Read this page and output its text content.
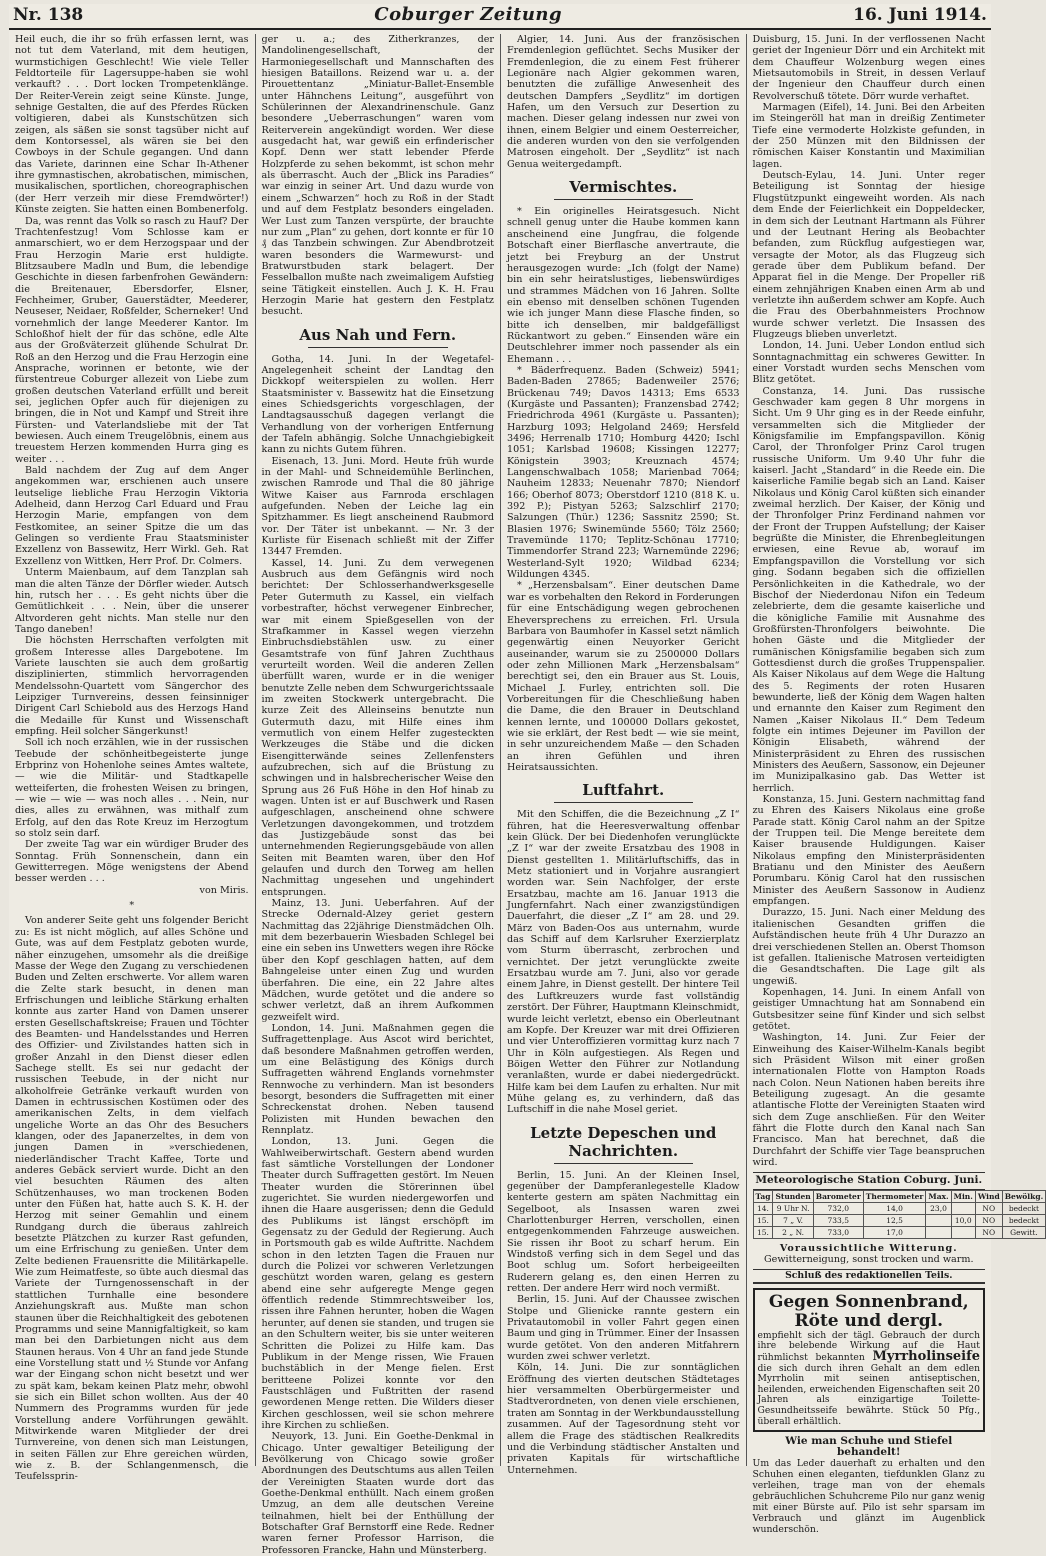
Nr. 138	Coburger Zeitung	16. Juni 1914.

Heil euch, die ihr so früh erfassen lernt, was not tut dem Vaterland, mit dem heutigen, wurmstichigen Geschlecht! Wie viele Teller Feldtorteile für Lagersuppe-haben sie wohl verkauft? . . . Dort locken Trompetenklänge. Der Reiter-Verein zeigt seine Künste. Junge, sehnige Gestalten, die auf des Pferdes Rücken voltigieren, dabei als Kunstschützen sich zeigen, als säßen sie sonst tagsüber nicht auf dem Kontorsessel, als wären sie bei den Cowboys in der Schule gegangen. Und dann das Variete, darinnen eine Schar Ih-Athener ihre gymnastischen, akrobatischen, mimischen, musikalischen, sportlichen, choreographischen (der Herr verzeih mir diese Fremdwörter!) Künste zeigten. Sie hatten einen Bombenerfolg.

Da, was rennt das Volk so rasch zu Hauf? Der Trachtenfestzug! Vom Schlosse kam er anmarschiert, wo er dem Herzogspaar und der Frau Herzogin Marie erst huldigte. Blitzsaubere Madln und Bum, die lebendige Geschichte in diesen farbenfrohen Gewändern: die Breitenauer, Ebersdorfer, Elsner, Fechheimer, Gruber, Gauerstädter, Meederer, Neuseser, Neidaer, Roßfelder, Scherneker! Und vornehmlich der lange Meederer Kantor. Im Schloßhof hielt der für das schöne, edle Alte aus der Großväterzeit glühende Schulrat Dr. Roß an den Herzog und die Frau Herzogin eine Ansprache, worinnen er betonte, wie der fürstentreue Coburger allezeit von Liebe zum großen deutschen Vaterland erfüllt und bereit sei, jeglichen Opfer auch für diejenigen zu bringen, die in Not und Kampf und Streit ihre Fürsten- und Vaterlandsliebe mit der Tat bewiesen. Auch einem Treugelöbnis, einem aus treuestem Herzen kommenden Hurra ging es weiter . . .

Bald nachdem der Zug auf dem Anger angekommen war, erschienen auch unsere leutselige liebliche Frau Herzogin Viktoria Adelheid, dann Herzog Carl Eduard und Frau Herzogin Marie, empfangen von dem Festkomitee, an seiner Spitze die um das Gelingen so verdiente Frau Staatsminister Exzellenz von Bassewitz, Herr Wirkl. Geh. Rat Exzellenz von Wittken, Herr Prof. Dr. Colmers.

Unterm Maienbaum, auf dem Tanzplan sah man die alten Tänze der Dörfler wieder. Autsch hin, rutsch her . . . Es geht nichts über die Gemütlichkeit . . . Nein, über die unserer Altvorderen geht nichts. Man stelle nur den Tango daneben!

Die höchsten Herrschaften verfolgten mit großem Interesse alles Dargebotene. Im Variete lauschten sie auch dem großartig disziplinierten, stimmlich hervorragenden Mendelssohn-Quartett vom Sängerchor des Leipziger Turnvereins, dessen feinsinniger Dirigent Carl Schiebold aus des Herzogs Hand die Medaille für Kunst und Wissenschaft empfing. Heil solcher Sängerkunst!

Soll ich noch erzählen, wie in der russischen Teebude der schönheitbegeisterte junge Erbprinz von Hohenlohe seines Amtes waltete, — wie die Militär- und Stadtkapelle wetteiferten, die frohesten Weisen zu bringen, — wie — wie — was noch alles . . . Nein, nur dies, alles zu erwähnen, was mithalf zum Erfolg, auf den das Rote Kreuz im Herzogtum so stolz sein darf.

Der zweite Tag war ein würdiger Bruder des Sonntag. Früh Sonnenschein, dann ein Gewitterregen. Möge wenigstens der Abend besser werden . . .

von Miris.

*

Von anderer Seite geht uns folgender Bericht zu: Es ist nicht möglich, auf alles Schöne und Gute, was auf dem Festplatz geboten wurde, näher einzugehen, umsomehr als die dreißige Masse der Wege den Zugang zu verschiedenen Buden und Zelten erschwerte. Vor allem waren die Zelte stark besucht, in denen man Erfrischungen und leibliche Stärkung erhalten konnte aus zarter Hand von Damen unserer ersten Gesellschaftskreise; Frauen und Töchter des Beamten- und Handelsstandes und Herren des Offizier- und Zivilstandes hatten sich in großer Anzahl in den Dienst dieser edlen Sachege stellt. Es sei nur gedacht der russischen Teebude, in der nicht nur alkoholfreie Getränke verkauft wurden von Damen in echtrussischen Kostümen oder des amerikanischen Zelts, in dem vielfach ungeliche Worte an das Ohr des Besuchers klangen, oder des Japanerzeltes, in dem von jungen Damen in »verschiedenen, niederländischer Tracht Kaffee, Torte und anderes Gebäck serviert wurde. Dicht an den viel besuchten Räumen des alten Schützenhauses, wo man trockenen Boden unter den Füßen hat, hatte auch S. K. H. der Herzog mit seiner Gemahlin und einem Rundgang durch die überaus zahlreich besetzte Plätzchen zu kurzer Rast gefunden, um eine Erfrischung zu genießen. Unter dem Zelte bedienen Frauensritte die Militärkapelle. Wie zum Heimatfeste, so übte auch diesmal das Variete der Turngenossenschaft in der stattlichen Turnhalle eine besondere Anziehungskraft aus. Mußte man schon staunen über die Reichhaltigkeit des gebotenen Programms und seine Mannigfaltigkeit, so kam man bei den Darbietungen nicht aus dem Staunen heraus. Von 4 Uhr an fand jede Stunde eine Vorstellung statt und ½ Stunde vor Anfang war der Eingang schon nicht besetzt und wer zu spät kam, bekam keinen Platz mehr, obwohl sie sich ein Billet schon wollten. Aus der 40 Nummern des Programms wurden für jede Vorstellung andere Vorführungen gewählt. Mitwirkende waren Mitglieder der drei Turnvereine, von denen sich man Leistungen, in seiten Fällen zur Ehre gereichen würden, wie z. B. der Schlangenmensch, die Teufelssprin-

ger u. a.; des Zitherkranzes, der Mandolinengesellschaft, der Harmoniegesellschaft und Mannschaften des hiesigen Bataillons. Reizend war u. a. der Pirouettentanz „Miniatur-Ballet-Ensemble unter Hähnchens Leitung“, ausgeführt von Schülerinnen der Alexandrinenschule. Ganz besondere „Ueberraschungen“ waren vom Reiterverein angekündigt worden. Wer diese ausgedacht hat, war gewiß ein erfinderischer Kopf. Denn wer statt lebender Pferde Holzpferde zu sehen bekommt, ist schon mehr als überrascht. Auch der „Blick ins Paradies“ war einzig in seiner Art. Und dazu wurde von einem „Schwarzen“ hoch zu Roß in der Stadt und auf dem Festplatz besonders eingeladen. Wer Lust zum Tanzen verspürte, der brauchte nur zum „Plan“ zu gehen, dort konnte er für 10 ₰ das Tanzbein schwingen. Zur Abendbrotzeit waren besonders die Warmewurst- und Bratwurstbuden stark belagert. Der Fesselballon mußte nach zweimaligem Aufstieg seine Tätigkeit einstellen. Auch J. K. H. Frau Herzogin Marie hat gestern den Festplatz besucht.

Aus Nah und Fern.

Gotha, 14. Juni. In der Wegetafel-Angelegenheit scheint der Landtag den Dickkopf weiterspielen zu wollen. Herr Staatsminister v. Bassewitz hat die Einsetzung eines Schiedsgerichts vorgeschlagen, der Landtagsausschuß dagegen verlangt die Verhandlung von der vorherigen Entfernung der Tafeln abhängig. Solche Unnachgiebigkeit kann zu nichts Gutem führen.

Eisenach, 13. Juni. Mord. Heute früh wurde in der Mahl- und Schneidemühle Berlinchen, zwischen Ramrode und Thal die 80 jährige Witwe Kaiser aus Farnroda erschlagen aufgefunden. Neben der Leiche lag ein Spitzhammer. Es liegt anscheinend Raubmord vor. Der Täter ist unbekannt. — Nr. 3 der Kurliste für Eisenach schließt mit der Ziffer 13447 Fremden.

Kassel, 14. Juni. Zu dem verwegenen Ausbruch aus dem Gefängnis wird noch berichtet: Der Schlosserhandwerksgeselle Peter Gutermuth zu Kassel, ein vielfach vorbestrafter, höchst verwegener Einbrecher, war mit einem Spießgesellen von der Strafkammer in Kassel wegen vierzehn Einbruchsdiebstählen usw. zu einer Gesamtstrafe von fünf Jahren Zuchthaus verurteilt worden. Weil die anderen Zellen überfüllt waren, wurde er in die weniger benutzte Zelle neben dem Schwurgerichtssaale im zweiten Stockwerk untergebracht. Die kurze Zeit des Alleinseins benutzte nun Gutermuth dazu, mit Hilfe eines ihm vermutlich von einem Helfer zugesteckten Werkzeuges die Stäbe und die dicken Eisengitterwände seines Zellenfensters aufzubrechen, sich auf die Brüstung zu schwingen und in halsbrecherischer Weise den Sprung aus 26 Fuß Höhe in den Hof hinab zu wagen. Unten ist er auf Buschwerk und Rasen aufgeschlagen, anscheinend ohne schwere Verletzungen davongekommen, und trotzdem das Justizgebäude sonst das bei unternehmenden Regierungsgebäude von allen Seiten mit Beamten waren, über den Hof gelaufen und durch den Torweg am hellen Nachmittag ungesehen und ungehindert entsprungen.

Mainz, 13. Juni. Ueberfahren. Auf der Strecke Odernald-Alzey geriet gestern Nachmittag das 22jährige Dienstmädchen Olh. mit dem bezerbauerin Wiesbaden Schlegel bei eine ein seben ins Unwetters wegen ihre Röcke über den Kopf geschlagen hatten, auf dem Bahngeleise unter einen Zug und wurden überfahren. Die eine, ein 22 Jahre altes Mädchen, wurde getötet und die andere so schwer verletzt, daß an ihrem Aufkommen gezweifelt wird.

London, 14. Juni. Maßnahmen gegen die Suffragettenplage. Aus Ascot wird berichtet, daß besondere Maßnahmen getroffen werden, um eine Belästigung des Königs durch Suffragetten während Englands vornehmster Rennwoche zu verhindern. Man ist besonders besorgt, besonders die Suffragetten mit einer Schreckenstat drohen. Neben tausend Polizisten mit Hunden bewachen den Rennplatz.

London, 13. Juni. Gegen die Wahlweiberwirtschaft. Gestern abend wurden fast sämtliche Vorstellungen der Londoner Theater durch Suffragetten gestört. Im Neuen Theater wurden die Störerinnen übel zugerichtet. Sie wurden niedergeworfen und ihnen die Haare ausgerissen; denn die Geduld des Publikums ist längst erschöpft im Gegensatz zu der Geduld der Regierung. Auch in Portsmouth gab es wilde Auftritte. Nachdem schon in den letzten Tagen die Frauen nur durch die Polizei vor schweren Verletzungen geschützt worden waren, gelang es gestern abend eine sehr aufgeregte Menge gegen öffentlich redende Stimmrechtsweiber los, rissen ihre Fahnen herunter, hoben die Wagen herunter, auf denen sie standen, und trugen sie an den Schultern weiter, bis sie unter weiteren Schritten die Polizei zu Hilfe kam. Das Publikum in der Menge rissen, Wie Frauen buchstäblich in der Menge fielen. Erst beritteene Polizei konnte vor den Faustschlägen und Fußtritten der rasend gewordenen Menge retten. Die Wilders dieser Kirchen geschlossen, weil sie schon mehrere ihre Kirchen zu schließen.

Neuyork, 13. Juni. Ein Goethe-Denkmal in Chicago. Unter gewaltiger Beteiligung der Bevölkerung von Chicago sowie großer Abordnungen des Deutschtums aus allen Teilen der Vereinigten Staaten wurde dort das Goethe-Denkmal enthüllt. Nach einem großen Umzug, an dem alle deutschen Vereine teilnahmen, hielt bei der Enthüllung der Botschafter Graf Bernstorff eine Rede. Redner waren ferner Professor Harrison, die Professoren Francke, Hahn und Münsterberg.

Algier, 14. Juni. Aus der französischen Fremdenlegion geflüchtet. Sechs Musiker der Fremdenlegion, die zu einem Fest früherer Legionäre nach Algier gekommen waren, benutzten die zufällige Anwesenheit des deutschen Dampfers „Seydlitz“ im dortigen Hafen, um den Versuch zur Desertion zu machen. Dieser gelang indessen nur zwei von ihnen, einem Belgier und einem Oesterreicher, die anderen wurden von den sie verfolgenden Matrosen eingeholt. Der „Seydlitz“ ist nach Genua weitergedampft.

Vermischtes.

* Ein originelles Heiratsgesuch. Nicht schnell genug unter die Haube kommen kann anscheinend eine Jungfrau, die folgende Botschaft einer Bierflasche anvertraute, die jetzt bei Freyburg an der Unstrut herausgezogen wurde: „Ich (folgt der Name) bin ein sehr heiratslustiges, liebenswürdiges und strammes Mädchen von 16 Jahren. Sollte ein ebenso mit denselben schönen Tugenden wie ich junger Mann diese Flasche finden, so bitte ich denselben, mir baldgefälligst Rückantwort zu geben.“ Einsenden wäre ein Deutschlehrer immer noch passender als ein Ehemann . . .

* Bäderfrequenz. Baden (Schweiz) 5941; Baden-Baden 27865; Badenweiler 2576; Brückenau 749; Davos 14313; Ems 6533 (Kurgäste und Passanten); Franzensbad 2742; Friedrichroda 4961 (Kurgäste u. Passanten); Harzburg 1093; Helgoland 2469; Hersfeld 3496; Herrenalb 1710; Homburg 4420; Ischl 1051; Karlsbad 19608; Kissingen 12277; Königstein 3903; Kreuznach 4574; Langenschwalbach 1058; Marienbad 7064; Nauheim 12833; Neuenahr 7870; Niendorf 166; Oberhof 8073; Oberstdorf 1210 (818 K. u. 392 P.); Pistyan 5263; Salzschlirf 2170; Salzungen (Thür.) 1236; Sassnitz 2590; St. Blasien 1976; Swinemünde 5560; Tölz 2560; Travemünde 1170; Teplitz-Schönau 17710; Timmendorfer Strand 223; Warnemünde 2296; Westerland-Sylt 1920; Wildbad 6234; Wildungen 4345.

* „Herzensbalsam“. Einer deutschen Dame war es vorbehalten den Rekord in Forderungen für eine Entschädigung wegen gebrochenen Eheversprechens zu erreichen. Frl. Ursula Barbara von Baumhofer in Kassel setzt nämlich gegenwärtig einen Neuyorker Gericht auseinander, warum sie zu 2500000 Dollars oder zehn Millionen Mark „Herzensbalsam“ berechtigt sei, den ein Brauer aus St. Louis, Michael J. Furley, entrichten soll. Die Vorbereitungen für die Cheschließung haben die Dame, die den Brauer in Deutschland kennen lernte, und 100000 Dollars gekostet, wie sie erklärt, der Rest bedt — wie sie meint, in sehr unzureichendem Maße — den Schaden an ihren Gefühlen und ihren Heiratsaussichten.

Luftfahrt.

Mit den Schiffen, die die Bezeichnung „Z I“ führen, hat die Heeresverwaltung offenbar kein Glück. Der bei Diedenhofen verunglückte „Z I“ war der zweite Ersatzbau des 1908 in Dienst gestellten 1. Militärluftschiffs, das in Metz stationiert und in Vorjahre ausrangiert worden war. Sein Nachfolger, der erste Ersatzbau, machte am 16. Januar 1913 die Jungfernfahrt. Nach einer zwanzigstündigen Dauerfahrt, die dieser „Z I“ am 28. und 29. März von Baden-Oos aus unternahm, wurde das Schiff auf dem Karlsruher Exerzierplatz vom Sturm überrascht, zerbrochen und vernichtet. Der jetzt verunglückte zweite Ersatzbau wurde am 7. Juni, also vor gerade einem Jahre, in Dienst gestellt. Der hintere Teil des Luftkreuzers wurde fast vollständig zerstört. Der Führer, Hauptmann Kleinschmidt, wurde leicht verletzt, ebenso ein Oberleutnant am Kopfe. Der Kreuzer war mit drei Offizieren und vier Unteroffizieren vormittag kurz nach 7 Uhr in Köln aufgestiegen. Als Regen und Böigen Wetter den Führer zur Notlandung veranlaßten, wurde er dabei niedergedrückt. Hilfe kam bei dem Laufen zu erhalten. Nur mit Mühe gelang es, zu verhindern, daß das Luftschiff in die nahe Mosel geriet.

Letzte Depeschen und Nachrichten.

Berlin, 15. Juni. An der Kleinen Insel, gegenüber der Dampferanlegestelle Kladow kenterte gestern am späten Nachmittag ein Segelboot, als Insassen waren zwei Charlottenburger Herren, verschollen, einen entgegenkommenden Fahrzeuge ausweichen. Sie rissen ihr Boot zu scharf herum. Ein Windstoß verfing sich in dem Segel und das Boot schlug um. Sofort herbeigeeilten Ruderern gelang es, den einen Herren zu retten. Der andere Herr wird noch vermißt.

Berlin, 15. Juni. Auf der Chaussee zwischen Stolpe und Glienicke rannte gestern ein Privatautomobil in voller Fahrt gegen einen Baum und ging in Trümmer. Einer der Insassen wurde getötet. Von den anderen Mitfahrern wurden zwei schwer verletzt.

Köln, 14. Juni. Die zur sonntäglichen Eröffnung des vierten deutschen Städtetages hier versammelten Oberbürgermeister und Stadtverordneten, von denen viele erschienen, traten am Sonntag in der Werkbundausstellung zusammen. Auf der Tagesordnung steht vor allem die Frage des städtischen Realkredits und die Verbindung städtischer Anstalten und privaten Kapitals für wirtschaftliche Unternehmen.

Duisburg, 15. Juni. In der verflossenen Nacht geriet der Ingenieur Dörr und ein Architekt mit dem Chauffeur Wolzenburg wegen eines Mietsautomobils in Streit, in dessen Verlauf der Ingenieur den Chauffeur durch einen Revolverschuß tötete. Dörr wurde verhaftet.

Marmagen (Eifel), 14. Juni. Bei den Arbeiten im Steingeröll hat man in dreißig Zentimeter Tiefe eine vermoderte Holzkiste gefunden, in der 250 Münzen mit den Bildnissen der römischen Kaiser Konstantin und Maximilian lagen.

Deutsch-Eylau, 14. Juni. Unter reger Beteiligung ist Sonntag der hiesige Flugstützpunkt eingeweiht worden. Als nach dem Ende der Feierlichkeit ein Doppeldecker, in dem sich der Leutnant Hartmann als Führer und der Leutnant Hering als Beobachter befanden, zum Rückflug aufgestiegen war, versagte der Motor, als das Flugzeug sich gerade über dem Publikum befand. Der Apparat fiel in die Menge. Der Propeller riß einem zehnjährigen Knaben einen Arm ab und verletzte ihn außerdem schwer am Kopfe. Auch die Frau des Oberbahnmeisters Prochnow wurde schwer verletzt. Die Insassen des Flugzeugs blieben unverletzt.

London, 14. Juni. Ueber London entlud sich Sonntagnachmittag ein schweres Gewitter. In einer Vorstadt wurden sechs Menschen vom Blitz getötet.

Constanza, 14. Juni. Das russische Geschwader kam gegen 8 Uhr morgens in Sicht. Um 9 Uhr ging es in der Reede einfuhr, versammelten sich die Mitglieder der Königsfamilie im Empfangspavillon. König Carol, der Thronfolger Prinz Carol trugen russische Uniform. Um 9.40 Uhr fuhr die kaiserl. Jacht „Standard“ in die Reede ein. Die kaiserliche Familie begab sich an Land. Kaiser Nikolaus und König Carol küßten sich einander zweimal herzlich. Der Kaiser, der König und der Thronfolger Prinz Ferdinand nahmen vor der Front der Truppen Aufstellung; der Kaiser begrüßte die Minister, die Ehrenbegleitungen erwiesen, eine Revue ab, worauf im Empfangspavillon die Vorstellung vor sich ging. Sodann begaben sich die offiziellen Persönlichkeiten in die Kathedrale, wo der Bischof der Niederdonau Nifon ein Tedeum zelebrierte, dem die gesamte kaiserliche und die königliche Familie mit Ausnahme des Großfürsten-Thronfolgers beiwohnte. Die hohen Gäste und die Mitglieder der rumänischen Königsfamilie begaben sich zum Gottesdienst durch die großes Truppenspalier. Als Kaiser Nikolaus auf dem Wege die Haltung des 5. Regiments der roten Husaren bewunderte, ließ der König dem Wagen halten und ernannte den Kaiser zum Regiment den Namen „Kaiser Nikolaus II.“ Dem Tedeum folgte ein intimes Dejeuner im Pavillon der Königin Elisabeth, während der Ministerpräsident zu Ehren des russischen Ministers des Aeußern, Sassonow, ein Dejeuner im Munizipalkasino gab. Das Wetter ist herrlich.

Konstanza, 15. Juni. Gestern nachmittag fand zu Ehren des Kaisers Nikolaus eine große Parade statt. König Carol nahm an der Spitze der Truppen teil. Die Menge bereitete dem Kaiser brausende Huldigungen. Kaiser Nikolaus empfing den Ministerpräsidenten Bratianu und den Minister des Aeußern Porumbaru. König Carol hat den russischen Minister des Aeußern Sassonow in Audienz empfangen.

Durazzo, 15. Juni. Nach einer Meldung des italienischen Gesandten griffen die Aufständischen heute früh 4 Uhr Durazzo an drei verschiedenen Stellen an. Oberst Thomson ist gefallen. Italienische Matrosen verteidigten die Gesandtschaften. Die Lage gilt als ungewiß.

Kopenhagen, 14. Juni. In einem Anfall von geistiger Umnachtung hat am Sonnabend ein Gutsbesitzer seine fünf Kinder und sich selbst getötet.

Washington, 14. Juni. Zur Feier der Einweihung des Kaiser-Wilhelm-Kanals begibt sich Präsident Wilson mit einer großen internationalen Flotte von Hampton Roads nach Colon. Neun Nationen haben bereits ihre Beteiligung zugesagt. An die gesamte atlantische Flotte der Vereinigten Staaten wird sich dem Zuge anschließen. Für den Weiter fährt die Flotte durch den Kanal nach San Francisco. Man hat berechnet, daß die Durchfahrt der Schiffe vier Tage beanspruchen wird.

Meteorologische Station Coburg. Juni.
Tag	Stunden	Barometer	Thermometer	Max.	Min.	Wind	Bewölkg.
14.	9 Uhr N.	732,0	14,0	23,0		NO	bedeckt
15.	7 „ V.	733,5	12,5		10,0	NO	bedeckt
15.	2 „ N.	733,0	17,0			NO	Gewitt.
Voraussichtliche Witterung.
Gewitterneigung, sonst trocken und warm.
Schluß des redaktionellen Teils.
Gegen Sonnenbrand, Röte und dergl.
empfiehlt sich der tägl. Gebrauch der durch ihre belebende Wirkung auf die Haut rühmlichst bekannten Myrrholinseife die sich durch ihren Gehalt an dem edlen Myrrholin mit seinen antiseptischen, heilenden, erweichenden Eigenschaften seit 20 Jahren als einzigartige Toilette-Gesundheitsseife bewährte. Stück 50 Pfg., überall erhältlich.
Wie man Schuhe und Stiefel behandelt!

Um das Leder dauerhaft zu erhalten und den Schuhen einen eleganten, tiefdunklen Glanz zu verleihen, trage man von der ehemals gebräuchlichen Schuhcreme Pilo nur ganz wenig mit einer Bürste auf. Pilo ist sehr sparsam im Verbrauch und glänzt im Augenblick wunderschön.
